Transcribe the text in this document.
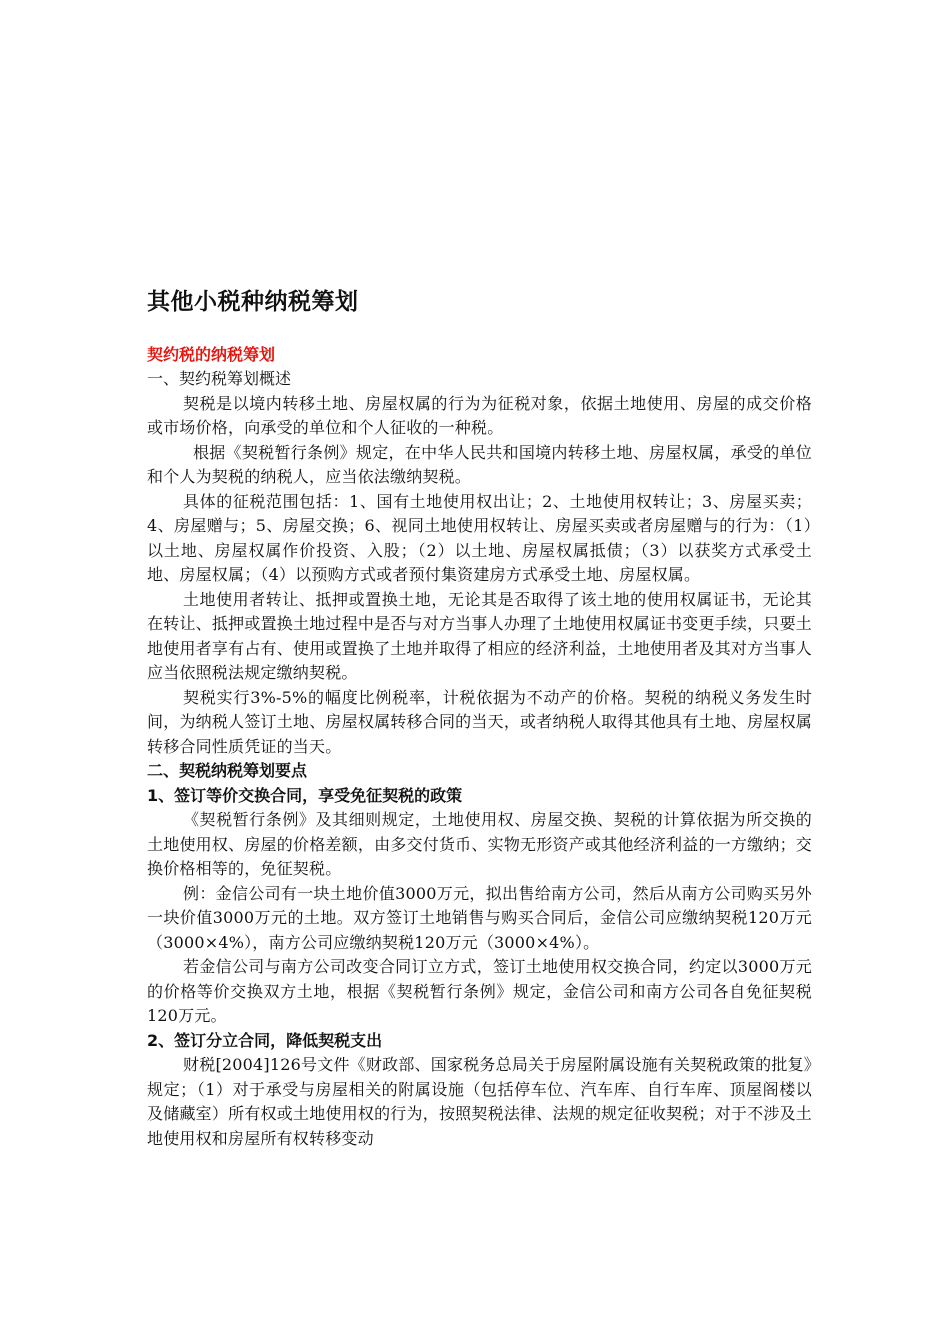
其他小税种纳税筹划
契约税的纳税筹划

一、契约税筹划概述

契税是以境内转移土地、房屋权属的行为为征税对象，依据土地使用、房屋的成交价格或市场价格，向承受的单位和个人征收的一种税。

根据《契税暂行条例》规定，在中华人民共和国境内转移土地、房屋权属，承受的单位和个人为契税的纳税人，应当依法缴纳契税。

具体的征税范围包括：1、国有土地使用权出让；2、土地使用权转让；3、房屋买卖；4、房屋赠与；5、房屋交换；6、视同土地使用权转让、房屋买卖或者房屋赠与的行为：（1）以土地、房屋权属作价投资、入股；（2）以土地、房屋权属抵债；（3）以获奖方式承受土地、房屋权属；（4）以预购方式或者预付集资建房方式承受土地、房屋权属。

土地使用者转让、抵押或置换土地，无论其是否取得了该土地的使用权属证书，无论其在转让、抵押或置换土地过程中是否与对方当事人办理了土地使用权属证书变更手续，只要土地使用者享有占有、使用或置换了土地并取得了相应的经济利益，土地使用者及其对方当事人应当依照税法规定缴纳契税。

契税实行3%-5%的幅度比例税率，计税依据为不动产的价格。契税的纳税义务发生时间，为纳税人签订土地、房屋权属转移合同的当天，或者纳税人取得其他具有土地、房屋权属转移合同性质凭证的当天。

二、契税纳税筹划要点

1、签订等价交换合同，享受免征契税的政策

《契税暂行条例》及其细则规定，土地使用权、房屋交换、契税的计算依据为所交换的土地使用权、房屋的价格差额，由多交付货币、实物无形资产或其他经济利益的一方缴纳；交换价格相等的，免征契税。

例：金信公司有一块土地价值3000万元，拟出售给南方公司，然后从南方公司购买另外一块价值3000万元的土地。双方签订土地销售与购买合同后，金信公司应缴纳契税120万元（3000×4%），南方公司应缴纳契税120万元（3000×4%）。

若金信公司与南方公司改变合同订立方式，签订土地使用权交换合同，约定以3000万元的价格等价交换双方土地，根据《契税暂行条例》规定，金信公司和南方公司各自免征契税120万元。

2、签订分立合同，降低契税支出

财税[2004]126号文件《财政部、国家税务总局关于房屋附属设施有关契税政策的批复》规定；（1）对于承受与房屋相关的附属设施（包括停车位、汽车库、自行车库、顶屋阁楼以及储藏室）所有权或土地使用权的行为，按照契税法律、法规的规定征收契税；对于不涉及土地使用权和房屋所有权转移变动
